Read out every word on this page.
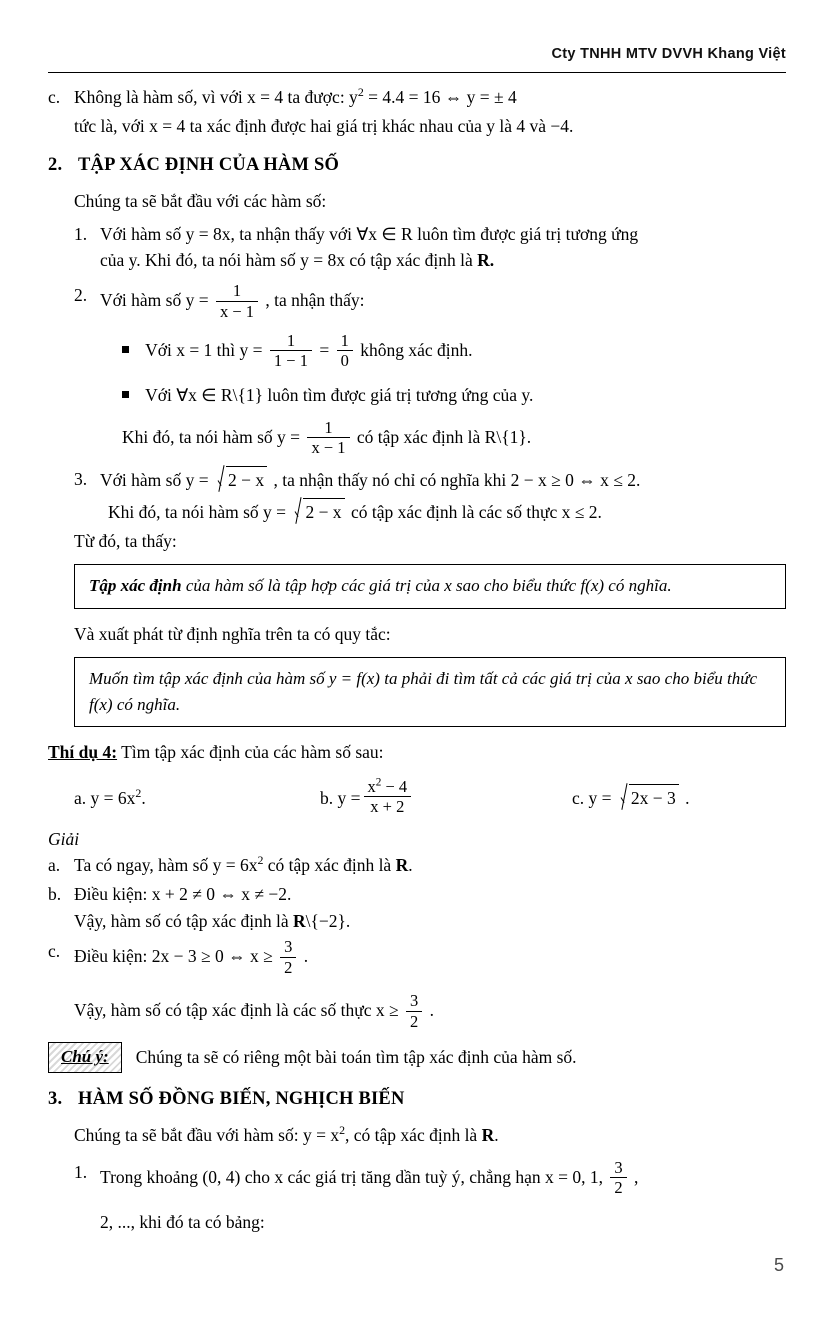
Cty TNHH MTV DVVH Khang Việt
c. Không là hàm số, vì với x = 4 ta được: $y^2 = 4.4 = 16$ ⇔ y = ± 4
tức là, với x = 4 ta xác định được hai giá trị khác nhau của y là 4 và −4.
2. TẬP XÁC ĐỊNH CỦA HÀM SỐ
Chúng ta sẽ bắt đầu với các hàm số:
1. Với hàm số y = 8x, ta nhận thấy với ∀x ∈ R luôn tìm được giá trị tương ứng
của y. Khi đó, ta nói hàm số y = 8x có tập xác định là R.
2. Với hàm số $y = \frac{1}{x - 1}$ , ta nhận thấy:
Với x = 1 thì $y = \frac{1}{1 - 1} = \frac{1}{0}$ không xác định.
Với ∀x ∈ R\{1} luôn tìm được giá trị tương ứng của y.
Khi đó, ta nói hàm số $y = \frac{1}{x - 1}$ có tập xác định là R\{1}.
3. Với hàm số y = 2 − x , ta nhận thấy nó chỉ có nghĩa khi 2 − x ≥ 0 ⇔ x ≤ 2.
Khi đó, ta nói hàm số y = 2 − x có tập xác định là các số thực x ≤ 2.
Từ đó, ta thấy:
Tập xác định của hàm số là tập hợp các giá trị của x sao cho biểu thức f(x) có nghĩa.
Và xuất phát từ định nghĩa trên ta có quy tắc:
Muốn tìm tập xác định của hàm số y = f(x) ta phải đi tìm tất cả các giá trị của x sao cho biểu thức f(x) có nghĩa.
Thí dụ 4: Tìm tập xác định của các hàm số sau:
a. $y = 6x^2$.	b.
$y = \frac{x^2 - 4}{x + 2}$	c. y = 2x − 3 .
Giải
a. Ta có ngay, hàm số $y = 6x^2$ có tập xác định là R.
b. Điều kiện: x + 2 ≠ 0 ⇔ x ≠ −2.
Vậy, hàm số có tập xác định là R\{−2}.
c. Điều kiện: 2x − 3 ≥ 0 ⇔ $x \ge \frac{3}{2}$ .
Vậy, hàm số có tập xác định là các số thực $x \ge \frac{3}{2}$ .
Chú ý:	Chúng ta sẽ có riêng một bài toán tìm tập xác định của hàm số.
3. HÀM SỐ ĐỒNG BIẾN, NGHỊCH BIẾN
Chúng ta sẽ bắt đầu với hàm số: $y = x^2$, có tập xác định là R.
1. Trong khoảng (0, 4) cho x các giá trị tăng dần tuỳ ý, chẳng hạn x = 0, 1, $\frac{3}{2}$ ,
2, ..., khi đó ta có bảng:
5
